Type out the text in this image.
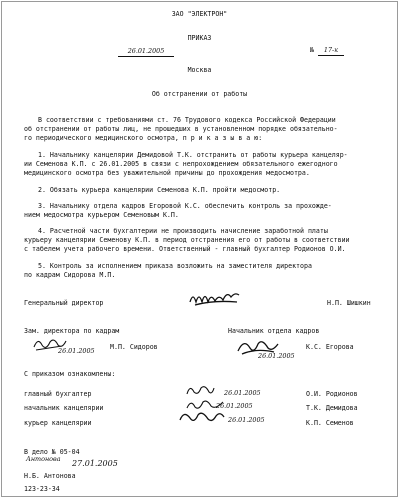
ЗАО "ЭЛЕКТРОН"
ПРИКАЗ
26.01.2005	№ 17-к
Москва
Об отстранении от работы
В соответствии с требованиями ст. 76 Трудового кодекса Российской Федерации
об отстранении от работы лиц, не прошедших в установленном порядке обязательно-
го периодического медицинского осмотра, п р и к а з ы в а ю:
1. Начальнику канцелярии Демидовой Т.К. отстранить от работы курьера канцеляр-
ии Семенова К.П. с 26.01.2005 в связи с непрохождением обязательного ежегодного
медицинского осмотра без уважительной причины до прохождения медосмотра.
2. Обязать курьера канцелярии Семенова К.П. пройти медосмотр.
3. Начальнику отдела кадров Егоровой К.С. обеспечить контроль за прохожде-
нием медосмотра курьером Семеновым К.П.
4. Расчетной части бухгалтерии не производить начисление заработной платы
курьеру канцелярии Семенову К.П. в период отстранения его от работы в соответствии
с табелем учета рабочего времени. Ответственный - главный бухгалтер Родионов О.И.
5. Контроль за исполнением приказа возложить на заместителя директора
по кадрам Сидорова М.П.
Генеральный директор	Н.П. Шишкин
Зам. директора по кадрам
26.01.2005 М.П. Сидоров
Начальник отдела кадров
26.01.2005
К.С. Егорова
С приказом ознакомлены:
главный бухгалтер	26.01.2005	О.И. Родионов
начальник канцелярии	26.01.2005	Т.К. Демидова
курьер канцелярии	26.01.2005	К.П. Семенов
В дело № 05-04
Антонова 27.01.2005
Н.Б. Антонова
123-23-34
